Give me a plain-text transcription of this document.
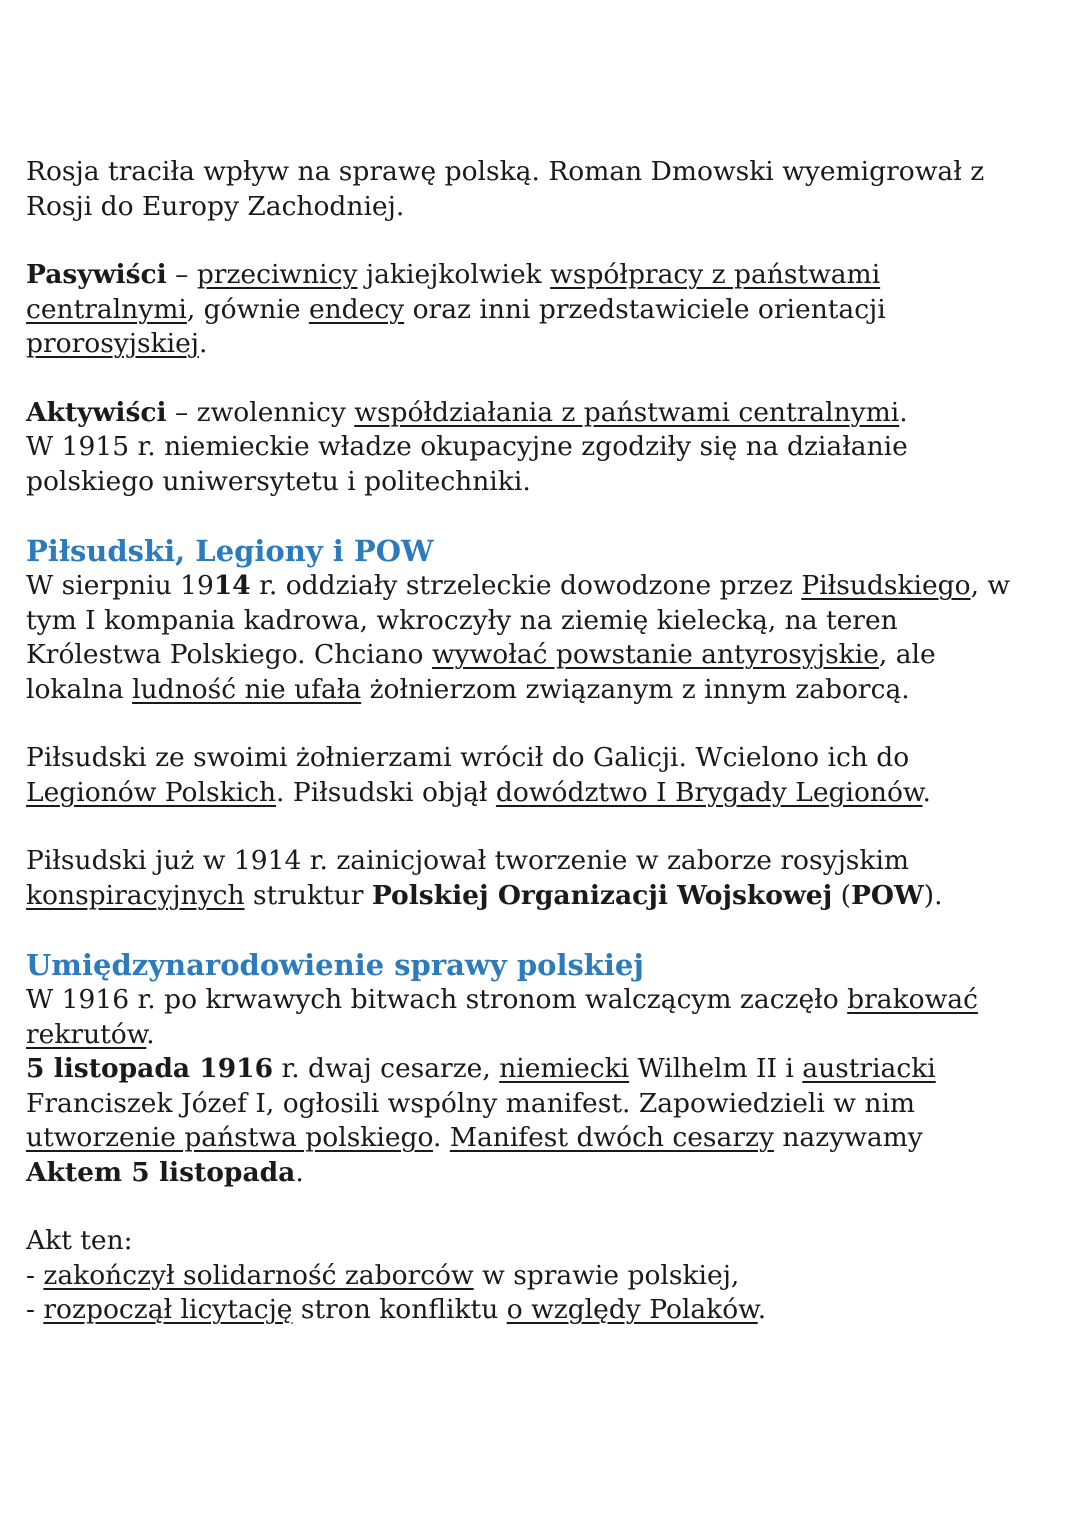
Rosja traciła wpływ na sprawę polską. Roman Dmowski wyemigrował z
Rosji do Europy Zachodniej.

Pasywiści – przeciwnicy jakiejkolwiek współpracy z państwami
centralnymi, gównie endecy oraz inni przedstawiciele orientacji
prorosyjskiej.

Aktywiści – zwolennicy współdziałania z państwami centralnymi.
W 1915 r. niemieckie władze okupacyjne zgodziły się na działanie
polskiego uniwersytetu i politechniki.

Piłsudski, Legiony i POW

W sierpniu 1914 r. oddziały strzeleckie dowodzone przez Piłsudskiego, w
tym I kompania kadrowa, wkroczyły na ziemię kielecką, na teren
Królestwa Polskiego. Chciano wywołać powstanie antyrosyjskie, ale
lokalna ludność nie ufała żołnierzom związanym z innym zaborcą.

Piłsudski ze swoimi żołnierzami wrócił do Galicji. Wcielono ich do
Legionów Polskich. Piłsudski objął dowództwo I Brygady Legionów.

Piłsudski już w 1914 r. zainicjował tworzenie w zaborze rosyjskim
konspiracyjnych struktur Polskiej Organizacji Wojskowej (POW).

Umiędzynarodowienie sprawy polskiej

W 1916 r. po krwawych bitwach stronom walczącym zaczęło brakować
rekrutów.
5 listopada 1916 r. dwaj cesarze, niemiecki Wilhelm II i austriacki
Franciszek Józef I, ogłosili wspólny manifest. Zapowiedzieli w nim
utworzenie państwa polskiego. Manifest dwóch cesarzy nazywamy
Aktem 5 listopada.

Akt ten:
- zakończył solidarność zaborców w sprawie polskiej,
- rozpoczął licytację stron konfliktu o względy Polaków.
